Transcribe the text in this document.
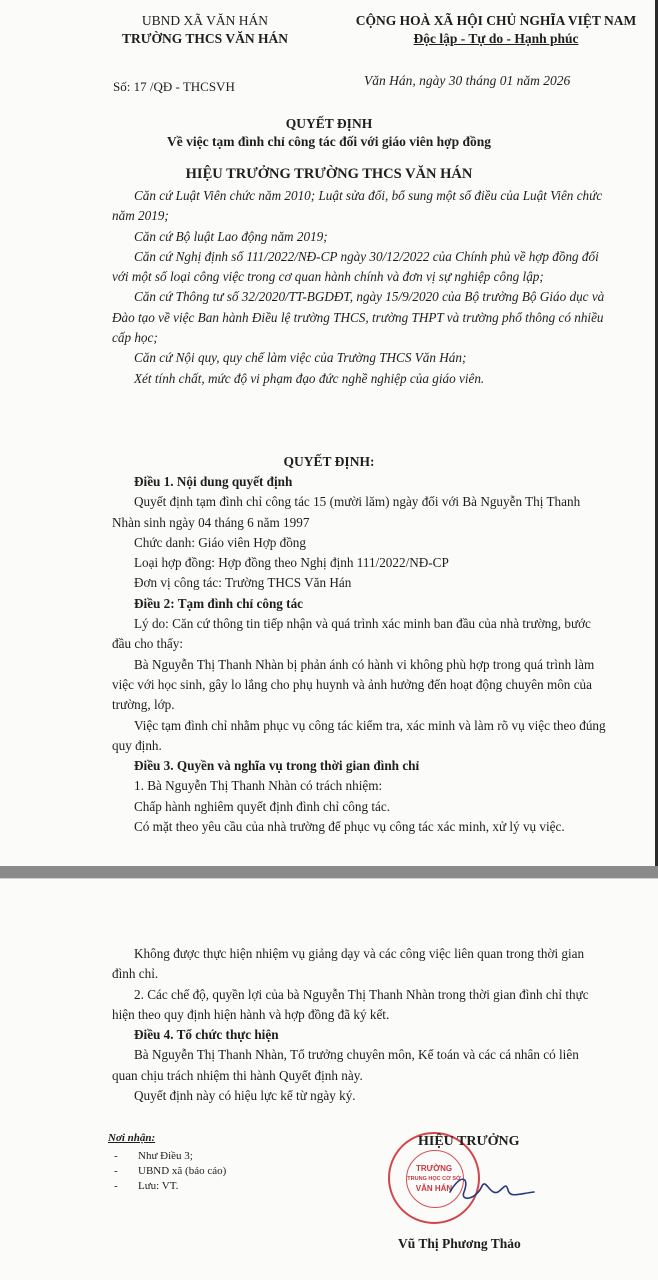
UBND XÃ VĂN HÁN
TRƯỜNG THCS VĂN HÁN
CỘNG HOÀ XÃ HỘI CHỦ NGHĨA VIỆT NAM
Độc lập - Tự do - Hạnh phúc
Số: 17 /QĐ - THCSVH	Văn Hán, ngày 30 tháng 01 năm 2026
QUYẾT ĐỊNH
Về việc tạm đình chỉ công tác đối với giáo viên hợp đồng
HIỆU TRƯỞNG TRƯỜNG THCS VĂN HÁN

Căn cứ Luật Viên chức năm 2010; Luật sửa đổi, bổ sung một số điều của Luật Viên chức năm 2019;

Căn cứ Bộ luật Lao động năm 2019;

Căn cứ Nghị định số 111/2022/NĐ-CP ngày 30/12/2022 của Chính phủ về hợp đồng đối với một số loại công việc trong cơ quan hành chính và đơn vị sự nghiệp công lập;

Căn cứ Thông tư số 32/2020/TT-BGDĐT, ngày 15/9/2020 của Bộ trưởng Bộ Giáo dục và Đào tạo về việc Ban hành Điều lệ trường THCS, trường THPT và trường phổ thông có nhiều cấp học;

Căn cứ Nội quy, quy chế làm việc của Trường THCS Văn Hán;

Xét tính chất, mức độ vi phạm đạo đức nghề nghiệp của giáo viên.

QUYẾT ĐỊNH:

Điều 1. Nội dung quyết định

Quyết định tạm đình chỉ công tác 15 (mười lăm) ngày đối với Bà Nguyễn Thị Thanh Nhàn sinh ngày 04 tháng 6 năm 1997

Chức danh: Giáo viên Hợp đồng

Loại hợp đồng: Hợp đồng theo Nghị định 111/2022/NĐ-CP

Đơn vị công tác: Trường THCS Văn Hán

Điều 2: Tạm đình chỉ công tác

Lý do: Căn cứ thông tin tiếp nhận và quá trình xác minh ban đầu của nhà trường, bước đầu cho thấy:

Bà Nguyễn Thị Thanh Nhàn bị phản ánh có hành vi không phù hợp trong quá trình làm việc với học sinh, gây lo lắng cho phụ huynh và ảnh hưởng đến hoạt động chuyên môn của trường, lớp.

Việc tạm đình chỉ nhằm phục vụ công tác kiểm tra, xác minh và làm rõ vụ việc theo đúng quy định.

Điều 3. Quyền và nghĩa vụ trong thời gian đình chỉ

1. Bà Nguyễn Thị Thanh Nhàn có trách nhiệm:

Chấp hành nghiêm quyết định đình chỉ công tác.

Có mặt theo yêu cầu của nhà trường để phục vụ công tác xác minh, xử lý vụ việc.

Không được thực hiện nhiệm vụ giảng dạy và các công việc liên quan trong thời gian đình chỉ.

2. Các chế độ, quyền lợi của bà Nguyễn Thị Thanh Nhàn trong thời gian đình chỉ thực hiện theo quy định hiện hành và hợp đồng đã ký kết.

Điều 4. Tổ chức thực hiện

Bà Nguyễn Thị Thanh Nhàn, Tổ trưởng chuyên môn, Kế toán và các cá nhân có liên quan chịu trách nhiệm thi hành Quyết định này.

Quyết định này có hiệu lực kể từ ngày ký.

Nơi nhận:
- Như Điều 3;
- UBND xã (báo cáo)
- Lưu: VT.
TRƯỜNG
TRUNG HỌC CƠ SỞ
VĂN HÁN
HIỆU TRƯỞNG
Vũ Thị Phương Thảo
